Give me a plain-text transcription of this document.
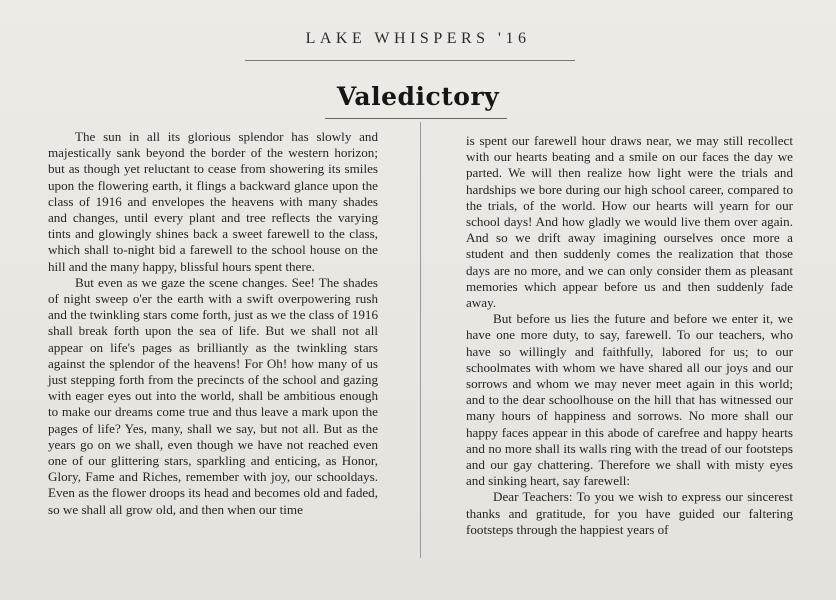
LAKE WHISPERS '16
Valedictory

The sun in all its glorious splendor has slowly and majestically sank beyond the border of the western horizon; but as though yet reluctant to cease from showering its smiles upon the flowering earth, it flings a backward glance upon the class of 1916 and envelopes the heavens with many shades and changes, until every plant and tree reflects the varying tints and glowingly shines back a sweet farewell to the class, which shall to-night bid a farewell to the school house on the hill and the many happy, blissful hours spent there.

But even as we gaze the scene changes. See! The shades of night sweep o'er the earth with a swift overpowering rush and the twinkling stars come forth, just as we the class of 1916 shall break forth upon the sea of life. But we shall not all appear on life's pages as brilliantly as the twinkling stars against the splendor of the heavens! For Oh! how many of us just stepping forth from the precincts of the school and gazing with eager eyes out into the world, shall be ambitious enough to make our dreams come true and thus leave a mark upon the pages of life? Yes, many, shall we say, but not all. But as the years go on we shall, even though we have not reached even one of our glittering stars, sparkling and enticing, as Honor, Glory, Fame and Riches, remember with joy, our schooldays. Even as the flower droops its head and becomes old and faded, so we shall all grow old, and then when our time

is spent our farewell hour draws near, we may still recollect with our hearts beating and a smile on our faces the day we parted. We will then realize how light were the trials and hardships we bore during our high school career, compared to the trials, of the world. How our hearts will yearn for our school days! And how gladly we would live them over again. And so we drift away imagining ourselves once more a student and then suddenly comes the realization that those days are no more, and we can only consider them as pleasant memories which appear before us and then suddenly fade away.

But before us lies the future and before we enter it, we have one more duty, to say, farewell. To our teachers, who have so willingly and faithfully, labored for us; to our schoolmates with whom we have shared all our joys and our sorrows and whom we may never meet again in this world; and to the dear schoolhouse on the hill that has witnessed our many hours of happiness and sorrows. No more shall our happy faces appear in this abode of carefree and happy hearts and no more shall its walls ring with the tread of our footsteps and our gay chattering. Therefore we shall with misty eyes and sinking heart, say farewell:

Dear Teachers: To you we wish to express our sincerest thanks and gratitude, for you have guided our faltering footsteps through the happiest years of
